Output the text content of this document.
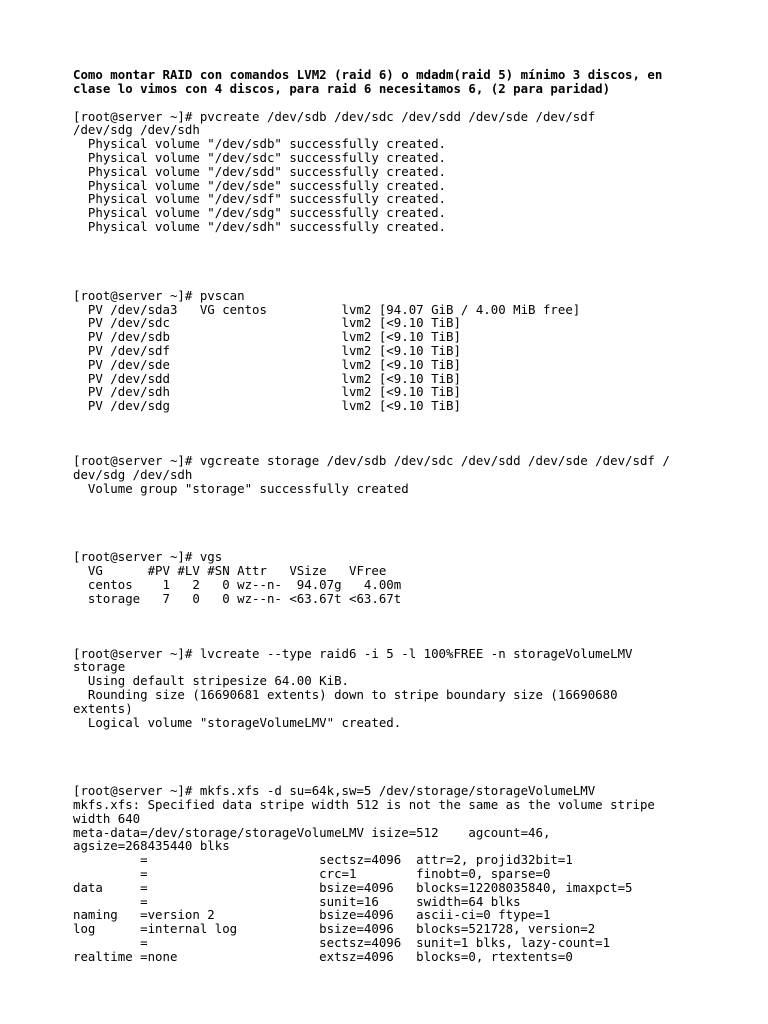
Como montar RAID con comandos LVM2 (raid 6) o mdadm(raid 5) mínimo 3 discos, en
clase lo vimos con 4 discos, para raid 6 necesitamos 6, (2 para paridad)

[root@server ~]# pvcreate /dev/sdb /dev/sdc /dev/sdd /dev/sde /dev/sdf
/dev/sdg /dev/sdh
Physical volume "/dev/sdb" successfully created.
Physical volume "/dev/sdc" successfully created.
Physical volume "/dev/sdd" successfully created.
Physical volume "/dev/sde" successfully created.
Physical volume "/dev/sdf" successfully created.
Physical volume "/dev/sdg" successfully created.
Physical volume "/dev/sdh" successfully created.
[root@server ~]# pvscan
PV /dev/sda3   VG centos          lvm2 [94.07 GiB / 4.00 MiB free]
PV /dev/sdc                       lvm2 [<9.10 TiB]
PV /dev/sdb                       lvm2 [<9.10 TiB]
PV /dev/sdf                       lvm2 [<9.10 TiB]
PV /dev/sde                       lvm2 [<9.10 TiB]
PV /dev/sdd                       lvm2 [<9.10 TiB]
PV /dev/sdh                       lvm2 [<9.10 TiB]
PV /dev/sdg                       lvm2 [<9.10 TiB]
[root@server ~]# vgcreate storage /dev/sdb /dev/sdc /dev/sdd /dev/sde /dev/sdf /
dev/sdg /dev/sdh
Volume group "storage" successfully created
[root@server ~]# vgs
VG      #PV #LV #SN Attr   VSize   VFree
centos    1   2   0 wz--n-  94.07g   4.00m
storage   7   0   0 wz--n- <63.67t <63.67t
[root@server ~]# lvcreate --type raid6 -i 5 -l 100%FREE -n storageVolumeLMV
storage
Using default stripesize 64.00 KiB.
Rounding size (16690681 extents) down to stripe boundary size (16690680
extents)
Logical volume "storageVolumeLMV" created.
[root@server ~]# mkfs.xfs -d su=64k,sw=5 /dev/storage/storageVolumeLMV
mkfs.xfs: Specified data stripe width 512 is not the same as the volume stripe
width 640
meta-data=/dev/storage/storageVolumeLMV isize=512    agcount=46,
agsize=268435440 blks
=                       sectsz=4096  attr=2, projid32bit=1
=                       crc=1        finobt=0, sparse=0
data     =                       bsize=4096   blocks=12208035840, imaxpct=5
=                       sunit=16     swidth=64 blks
naming   =version 2              bsize=4096   ascii-ci=0 ftype=1
log      =internal log           bsize=4096   blocks=521728, version=2
=                       sectsz=4096  sunit=1 blks, lazy-count=1
realtime =none                   extsz=4096   blocks=0, rtextents=0
